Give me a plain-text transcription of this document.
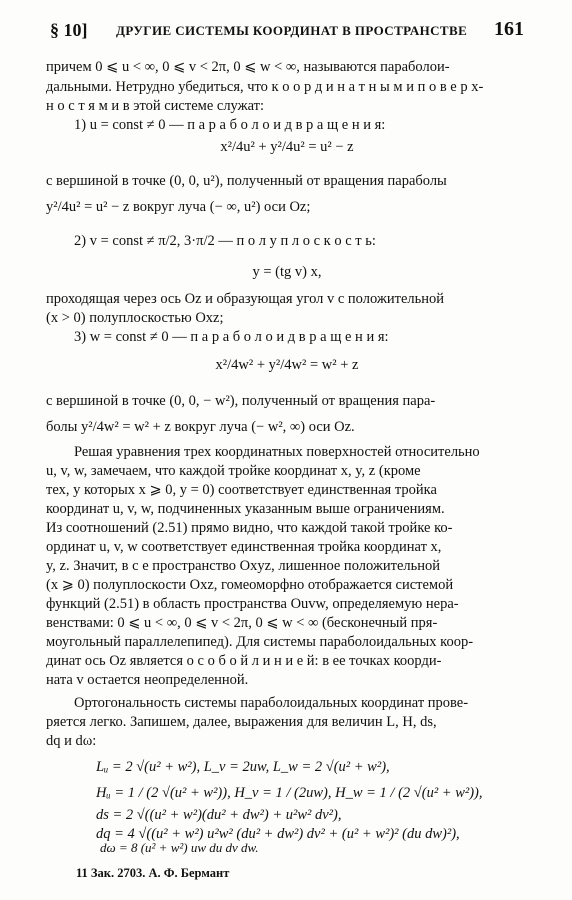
§ 10] ДРУГИЕ СИСТЕМЫ КООРДИНАТ В ПРОСТРАНСТВЕ 161
причем 0 ⩽ u < ∞, 0 ⩽ v < 2π, 0 ⩽ w < ∞, называются параболои-
дальными. Нетрудно убедиться, что к о о р д и н а т н ы м и п о в е р х-
н о с т я м и в этой системе служат:
1) u = const ≠ 0 — п а р а б о л о и д в р а щ е н и я:
x²/4u² + y²/4u² = u² − z
с вершиной в точке (0, 0, u²), полученный от вращения параболы
y²/4u² = u² − z вокруг луча (− ∞, u²) оси Oz;
2) v = const ≠ π/2, 3·π/2 — п о л у п л о с к о с т ь:
y = (tg v) x,
проходящая через ось Oz и образующая угол v с положительной
(x > 0) полуплоскостью Oxz;
3) w = const ≠ 0 — п а р а б о л о и д в р а щ е н и я:
x²/4w² + y²/4w² = w² + z
с вершиной в точке (0, 0, − w²), полученный от вращения пара-
болы y²/4w² = w² + z вокруг луча (− w², ∞) оси Oz.
Решая уравнения трех координатных поверхностей относительно
u, v, w, замечаем, что каждой тройке координат x, y, z (кроме
тех, у которых x ⩾ 0, y = 0) соответствует единственная тройка
координат u, v, w, подчиненных указанным выше ограничениям.
Из соотношений (2.51) прямо видно, что каждой такой тройке ко-
ординат u, v, w соответствует единственная тройка координат x,
y, z. Значит, в с е пространство Oxyz, лишенное положительной
(x ⩾ 0) полуплоскости Oxz, гомеоморфно отображается системой
функций (2.51) в область пространства Ouvw, определяемую нера-
венствами: 0 ⩽ u < ∞, 0 ⩽ v < 2π, 0 ⩽ w < ∞ (бесконечный пря-
моугольный параллелепипед). Для системы параболоидальных коор-
динат ось Oz является о с о б о й л и н и е й: в ее точках коорди-
ната v остается неопределенной.
Ортогональность системы параболоидальных координат прове-
ряется легко. Запишем, далее, выражения для величин L, H, ds,
dq и dω:
Lᵤ = 2 √(u² + w²), L_v = 2uw, L_w = 2 √(u² + w²),
Hᵤ = 1 / (2 √(u² + w²)), H_v = 1 / (2uw), H_w = 1 / (2 √(u² + w²)),
ds = 2 √((u² + w²)(du² + dw²) + u²w² dv²),
dq = 4 √((u² + w²) u²w² (du² + dw²) dv² + (u² + w²)² (du dw)²),
11 Зак. 2703. А. Ф. Бермант
dω = 8 (u² + w²) uw du dv dw.
